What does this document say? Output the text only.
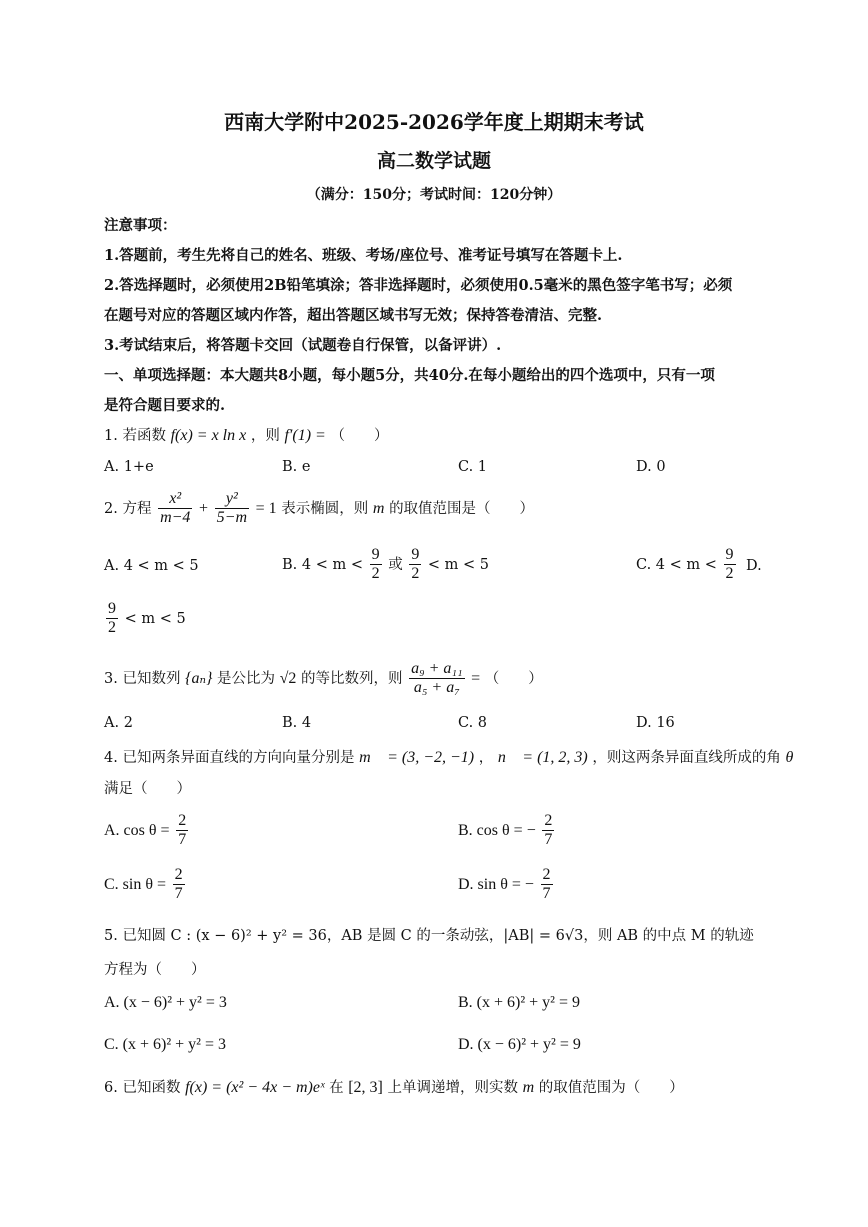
西南大学附中2025-2026学年度上期期末考试
高二数学试题
（满分：150分；考试时间：120分钟）
注意事项：
1.答题前，考生先将自己的姓名、班级、考场/座位号、准考证号填写在答题卡上.
2.答选择题时，必须使用2B铅笔填涂；答非选择题时，必须使用0.5毫米的黑色签字笔书写；必须
在题号对应的答题区域内作答，超出答题区域书写无效；保持答卷清洁、完整.
3.考试结束后，将答题卡交回（试题卷自行保管，以备评讲）.
一、单项选择题：本大题共8小题，每小题5分，共40分.在每小题给出的四个选项中，只有一项
是符合题目要求的.
1. 若函数 f(x) = x ln x ，则 f′(1) = （　　）
A. 1+e	B. e	C. 1	D. 0
2. 方程 $\frac{\text{x²}}{m-4} + \frac{\text{y²}}{5-m} = 1$ 表示椭圆，则 m 的取值范围是（　　）
A. 4 < m < 5	B. $4 < m < \frac{9}{2}$ 或 $\frac{9}{2} < m < 5$	C. $4 < m < \frac{9}{2} D$.
$\frac{9}{2} < m < 5$
3. 已知数列 {aₙ} 是公比为 √2 的等比数列，则 $\frac{\text{a₉ + a₁₁}}{\text{a₅ + a₇}}$ = （　　）
A. 2	B. 4	C. 8	D. 16
4. 已知两条异面直线的方向向量分别是 m⃗ = (3, −2, −1) ， n⃗ = (1, 2, 3) ，则这两条异面直线所成的角 θ
满足（　　）
A. $\cos \theta = \frac{2}{7}$	B. cos θ = − $\frac{2}{7}$
C. $\sin \theta = \frac{2}{7}$	D. sin θ = − $\frac{2}{7}$
5. 已知圆 C : (x − 6)² + y² = 36，AB 是圆 C 的一条动弦，|AB| = 6√3，则 AB 的中点 M 的轨迹
方程为（　　）
A. (x − 6)² + y² = 3	B. (x + 6)² + y² = 9
C. (x + 6)² + y² = 3	D. (x − 6)² + y² = 9
6. 已知函数 f(x) = (x² − 4x − m)eˣ 在 [2, 3] 上单调递增，则实数 m 的取值范围为（　　）
